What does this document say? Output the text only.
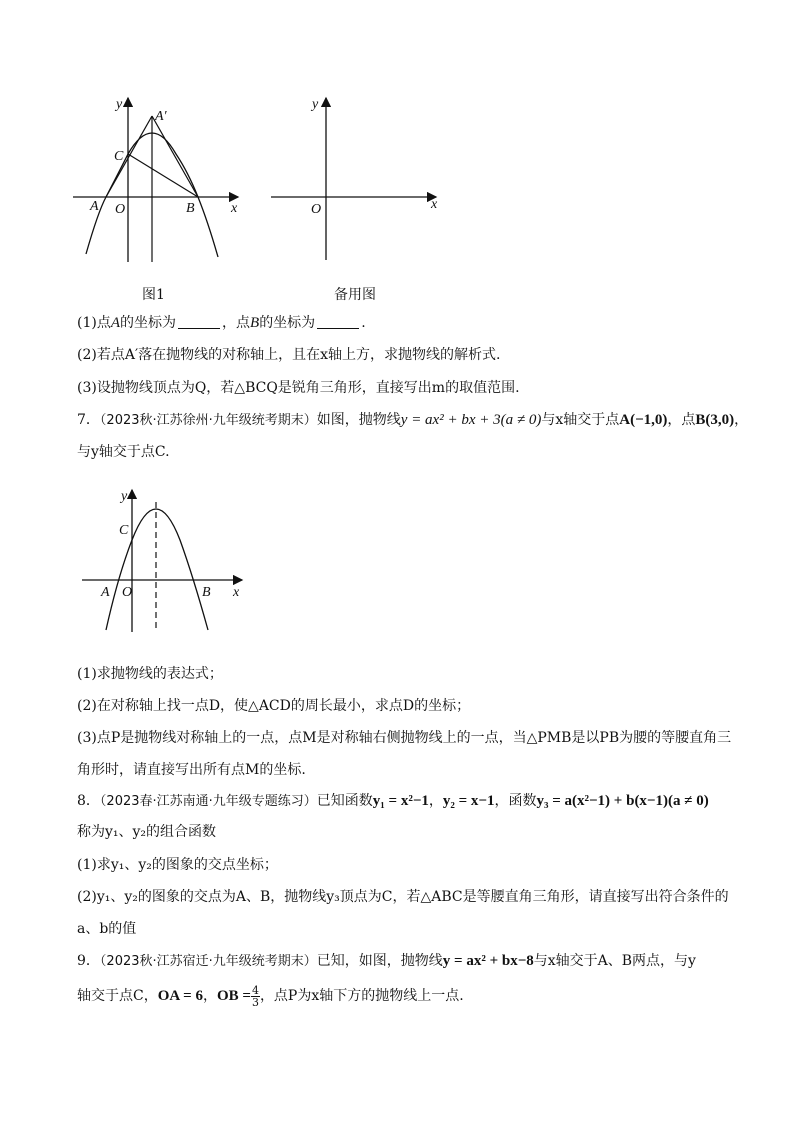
y
x
O
A	B
C
A′
图1
y
x
O
备用图
(1)点A的坐标为	，点B的坐标为	.
(2)若点A′落在抛物线的对称轴上，且在x轴上方，求抛物线的解析式.
(3)设抛物线顶点为Q，若△BCQ是锐角三角形，直接写出m的取值范围.
7．（2023秋·江苏徐州·九年级统考期末）如图，抛物线y = ax² + bx + 3(a ≠ 0)与x轴交于点A(−1,0)，点B(3,0)，
与y轴交于点C.
y
x
O
A	B
C
(1)求抛物线的表达式；
(2)在对称轴上找一点D，使△ACD的周长最小，求点D的坐标；
(3)点P是抛物线对称轴上的一点，点M是对称轴右侧抛物线上的一点，当△PMB是以PB为腰的等腰直角三
角形时，请直接写出所有点M的坐标.
8．（2023春·江苏南通·九年级专题练习）已知函数y₁ = x²−1，y₂ = x−1，函数y₃ = a(x²−1) + b(x−1)(a ≠ 0)
称为y₁、y₂的组合函数
(1)求y₁、y₂的图象的交点坐标；
(2)y₁、y₂的图象的交点为A、B，抛物线y₃顶点为C，若△ABC是等腰直角三角形，请直接写出符合条件的
a、b的值
9．（2023秋·江苏宿迁·九年级统考期末）已知，如图，抛物线y = ax² + bx−8与x轴交于A、B两点，与y
轴交于点C，OA = 6，OB = $\frac{4}{3}$ ，点P为x轴下方的抛物线上一点.
